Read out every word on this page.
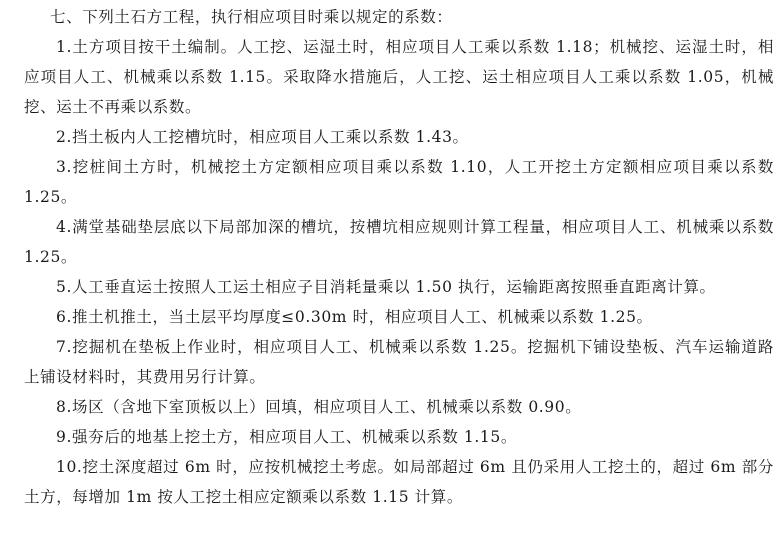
七、下列土石方工程，执行相应项目时乘以规定的系数：

1.土方项目按干土编制。人工挖、运湿土时，相应项目人工乘以系数 1.18；机械挖、运湿土时，相应项目人工、机械乘以系数 1.15。采取降水措施后，人工挖、运土相应项目人工乘以系数 1.05，机械挖、运土不再乘以系数。

2.挡土板内人工挖槽坑时，相应项目人工乘以系数 1.43。

3.挖桩间土方时，机械挖土方定额相应项目乘以系数 1.10，人工开挖土方定额相应项目乘以系数 1.25。

4.满堂基础垫层底以下局部加深的槽坑，按槽坑相应规则计算工程量，相应项目人工、机械乘以系数 1.25。

5.人工垂直运土按照人工运土相应子目消耗量乘以 1.50 执行，运输距离按照垂直距离计算。

6.推土机推土，当土层平均厚度≤0.30m 时，相应项目人工、机械乘以系数 1.25。

7.挖掘机在垫板上作业时，相应项目人工、机械乘以系数 1.25。挖掘机下铺设垫板、汽车运输道路上铺设材料时，其费用另行计算。

8.场区（含地下室顶板以上）回填，相应项目人工、机械乘以系数 0.90。

9.强夯后的地基上挖土方，相应项目人工、机械乘以系数 1.15。

10.挖土深度超过 6m 时，应按机械挖土考虑。如局部超过 6m 且仍采用人工挖土的，超过 6m 部分土方，每增加 1m 按人工挖土相应定额乘以系数 1.15 计算。
